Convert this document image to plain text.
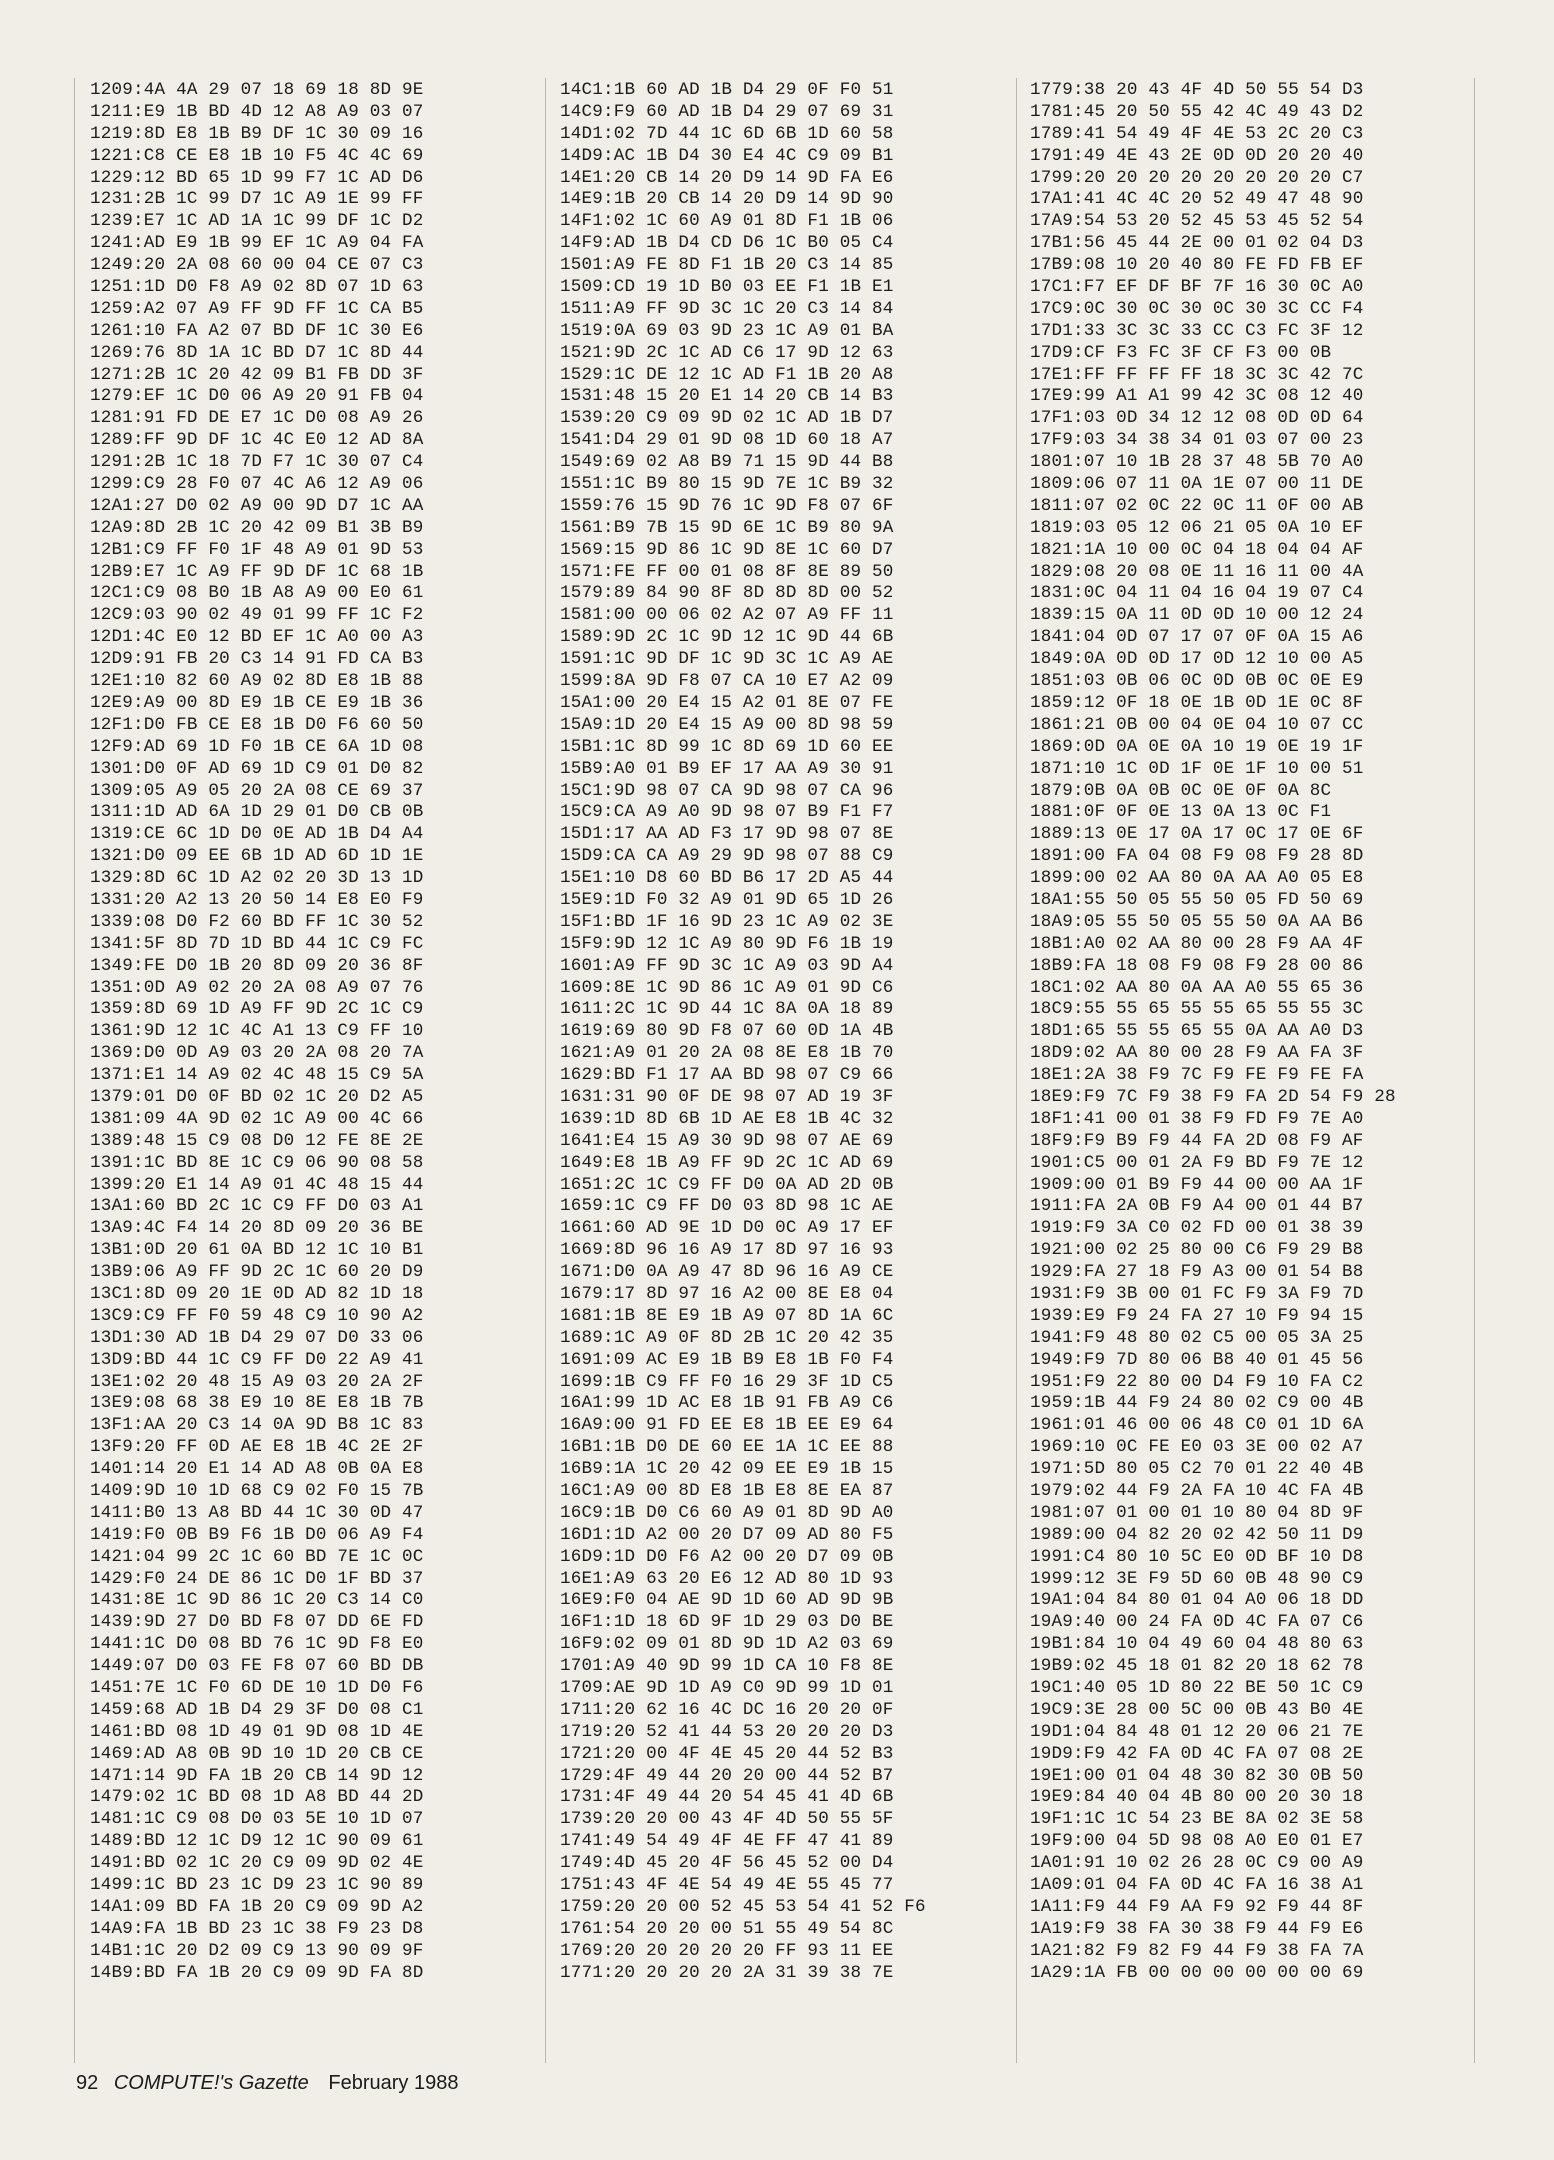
1209:4A 4A 29 07 18 69 18 8D 9E
1211:E9 1B BD 4D 12 A8 A9 03 07
1219:8D E8 1B B9 DF 1C 30 09 16
1221:C8 CE E8 1B 10 F5 4C 4C 69
1229:12 BD 65 1D 99 F7 1C AD D6
1231:2B 1C 99 D7 1C A9 1E 99 FF
1239:E7 1C AD 1A 1C 99 DF 1C D2
1241:AD E9 1B 99 EF 1C A9 04 FA
1249:20 2A 08 60 00 04 CE 07 C3
1251:1D D0 F8 A9 02 8D 07 1D 63
1259:A2 07 A9 FF 9D FF 1C CA B5
1261:10 FA A2 07 BD DF 1C 30 E6
1269:76 8D 1A 1C BD D7 1C 8D 44
1271:2B 1C 20 42 09 B1 FB DD 3F
1279:EF 1C D0 06 A9 20 91 FB 04
1281:91 FD DE E7 1C D0 08 A9 26
1289:FF 9D DF 1C 4C E0 12 AD 8A
1291:2B 1C 18 7D F7 1C 30 07 C4
1299:C9 28 F0 07 4C A6 12 A9 06
12A1:27 D0 02 A9 00 9D D7 1C AA
12A9:8D 2B 1C 20 42 09 B1 3B B9
12B1:C9 FF F0 1F 48 A9 01 9D 53
12B9:E7 1C A9 FF 9D DF 1C 68 1B
12C1:C9 08 B0 1B A8 A9 00 E0 61
12C9:03 90 02 49 01 99 FF 1C F2
12D1:4C E0 12 BD EF 1C A0 00 A3
12D9:91 FB 20 C3 14 91 FD CA B3
12E1:10 82 60 A9 02 8D E8 1B 88
12E9:A9 00 8D E9 1B CE E9 1B 36
12F1:D0 FB CE E8 1B D0 F6 60 50
12F9:AD 69 1D F0 1B CE 6A 1D 08
1301:D0 0F AD 69 1D C9 01 D0 82
1309:05 A9 05 20 2A 08 CE 69 37
1311:1D AD 6A 1D 29 01 D0 CB 0B
1319:CE 6C 1D D0 0E AD 1B D4 A4
1321:D0 09 EE 6B 1D AD 6D 1D 1E
1329:8D 6C 1D A2 02 20 3D 13 1D
1331:20 A2 13 20 50 14 E8 E0 F9
1339:08 D0 F2 60 BD FF 1C 30 52
1341:5F 8D 7D 1D BD 44 1C C9 FC
1349:FE D0 1B 20 8D 09 20 36 8F
1351:0D A9 02 20 2A 08 A9 07 76
1359:8D 69 1D A9 FF 9D 2C 1C C9
1361:9D 12 1C 4C A1 13 C9 FF 10
1369:D0 0D A9 03 20 2A 08 20 7A
1371:E1 14 A9 02 4C 48 15 C9 5A
1379:01 D0 0F BD 02 1C 20 D2 A5
1381:09 4A 9D 02 1C A9 00 4C 66
1389:48 15 C9 08 D0 12 FE 8E 2E
1391:1C BD 8E 1C C9 06 90 08 58
1399:20 E1 14 A9 01 4C 48 15 44
13A1:60 BD 2C 1C C9 FF D0 03 A1
13A9:4C F4 14 20 8D 09 20 36 BE
13B1:0D 20 61 0A BD 12 1C 10 B1
13B9:06 A9 FF 9D 2C 1C 60 20 D9
13C1:8D 09 20 1E 0D AD 82 1D 18
13C9:C9 FF F0 59 48 C9 10 90 A2
13D1:30 AD 1B D4 29 07 D0 33 06
13D9:BD 44 1C C9 FF D0 22 A9 41
13E1:02 20 48 15 A9 03 20 2A 2F
13E9:08 68 38 E9 10 8E E8 1B 7B
13F1:AA 20 C3 14 0A 9D B8 1C 83
13F9:20 FF 0D AE E8 1B 4C 2E 2F
1401:14 20 E1 14 AD A8 0B 0A E8
1409:9D 10 1D 68 C9 02 F0 15 7B
1411:B0 13 A8 BD 44 1C 30 0D 47
1419:F0 0B B9 F6 1B D0 06 A9 F4
1421:04 99 2C 1C 60 BD 7E 1C 0C
1429:F0 24 DE 86 1C D0 1F BD 37
1431:8E 1C 9D 86 1C 20 C3 14 C0
1439:9D 27 D0 BD F8 07 DD 6E FD
1441:1C D0 08 BD 76 1C 9D F8 E0
1449:07 D0 03 FE F8 07 60 BD DB
1451:7E 1C F0 6D DE 10 1D D0 F6
1459:68 AD 1B D4 29 3F D0 08 C1
1461:BD 08 1D 49 01 9D 08 1D 4E
1469:AD A8 0B 9D 10 1D 20 CB CE
1471:14 9D FA 1B 20 CB 14 9D 12
1479:02 1C BD 08 1D A8 BD 44 2D
1481:1C C9 08 D0 03 5E 10 1D 07
1489:BD 12 1C D9 12 1C 90 09 61
1491:BD 02 1C 20 C9 09 9D 02 4E
1499:1C BD 23 1C D9 23 1C 90 89
14A1:09 BD FA 1B 20 C9 09 9D A2
14A9:FA 1B BD 23 1C 38 F9 23 D8
14B1:1C 20 D2 09 C9 13 90 09 9F
14B9:BD FA 1B 20 C9 09 9D FA 8D
14C1:1B 60 AD 1B D4 29 0F F0 51
14C9:F9 60 AD 1B D4 29 07 69 31
14D1:02 7D 44 1C 6D 6B 1D 60 58
14D9:AC 1B D4 30 E4 4C C9 09 B1
14E1:20 CB 14 20 D9 14 9D FA E6
14E9:1B 20 CB 14 20 D9 14 9D 90
14F1:02 1C 60 A9 01 8D F1 1B 06
14F9:AD 1B D4 CD D6 1C B0 05 C4
1501:A9 FE 8D F1 1B 20 C3 14 85
1509:CD 19 1D B0 03 EE F1 1B E1
1511:A9 FF 9D 3C 1C 20 C3 14 84
1519:0A 69 03 9D 23 1C A9 01 BA
1521:9D 2C 1C AD C6 17 9D 12 63
1529:1C DE 12 1C AD F1 1B 20 A8
1531:48 15 20 E1 14 20 CB 14 B3
1539:20 C9 09 9D 02 1C AD 1B D7
1541:D4 29 01 9D 08 1D 60 18 A7
1549:69 02 A8 B9 71 15 9D 44 B8
1551:1C B9 80 15 9D 7E 1C B9 32
1559:76 15 9D 76 1C 9D F8 07 6F
1561:B9 7B 15 9D 6E 1C B9 80 9A
1569:15 9D 86 1C 9D 8E 1C 60 D7
1571:FE FF 00 01 08 8F 8E 89 50
1579:89 84 90 8F 8D 8D 8D 00 52
1581:00 00 06 02 A2 07 A9 FF 11
1589:9D 2C 1C 9D 12 1C 9D 44 6B
1591:1C 9D DF 1C 9D 3C 1C A9 AE
1599:8A 9D F8 07 CA 10 E7 A2 09
15A1:00 20 E4 15 A2 01 8E 07 FE
15A9:1D 20 E4 15 A9 00 8D 98 59
15B1:1C 8D 99 1C 8D 69 1D 60 EE
15B9:A0 01 B9 EF 17 AA A9 30 91
15C1:9D 98 07 CA 9D 98 07 CA 96
15C9:CA A9 A0 9D 98 07 B9 F1 F7
15D1:17 AA AD F3 17 9D 98 07 8E
15D9:CA CA A9 29 9D 98 07 88 C9
15E1:10 D8 60 BD B6 17 2D A5 44
15E9:1D F0 32 A9 01 9D 65 1D 26
15F1:BD 1F 16 9D 23 1C A9 02 3E
15F9:9D 12 1C A9 80 9D F6 1B 19
1601:A9 FF 9D 3C 1C A9 03 9D A4
1609:8E 1C 9D 86 1C A9 01 9D C6
1611:2C 1C 9D 44 1C 8A 0A 18 89
1619:69 80 9D F8 07 60 0D 1A 4B
1621:A9 01 20 2A 08 8E E8 1B 70
1629:BD F1 17 AA BD 98 07 C9 66
1631:31 90 0F DE 98 07 AD 19 3F
1639:1D 8D 6B 1D AE E8 1B 4C 32
1641:E4 15 A9 30 9D 98 07 AE 69
1649:E8 1B A9 FF 9D 2C 1C AD 69
1651:2C 1C C9 FF D0 0A AD 2D 0B
1659:1C C9 FF D0 03 8D 98 1C AE
1661:60 AD 9E 1D D0 0C A9 17 EF
1669:8D 96 16 A9 17 8D 97 16 93
1671:D0 0A A9 47 8D 96 16 A9 CE
1679:17 8D 97 16 A2 00 8E E8 04
1681:1B 8E E9 1B A9 07 8D 1A 6C
1689:1C A9 0F 8D 2B 1C 20 42 35
1691:09 AC E9 1B B9 E8 1B F0 F4
1699:1B C9 FF F0 16 29 3F 1D C5
16A1:99 1D AC E8 1B 91 FB A9 C6
16A9:00 91 FD EE E8 1B EE E9 64
16B1:1B D0 DE 60 EE 1A 1C EE 88
16B9:1A 1C 20 42 09 EE E9 1B 15
16C1:A9 00 8D E8 1B E8 8E EA 87
16C9:1B D0 C6 60 A9 01 8D 9D A0
16D1:1D A2 00 20 D7 09 AD 80 F5
16D9:1D D0 F6 A2 00 20 D7 09 0B
16E1:A9 63 20 E6 12 AD 80 1D 93
16E9:F0 04 AE 9D 1D 60 AD 9D 9B
16F1:1D 18 6D 9F 1D 29 03 D0 BE
16F9:02 09 01 8D 9D 1D A2 03 69
1701:A9 40 9D 99 1D CA 10 F8 8E
1709:AE 9D 1D A9 C0 9D 99 1D 01
1711:20 62 16 4C DC 16 20 20 0F
1719:20 52 41 44 53 20 20 20 D3
1721:20 00 4F 4E 45 20 44 52 B3
1729:4F 49 44 20 20 00 44 52 B7
1731:4F 49 44 20 54 45 41 4D 6B
1739:20 20 00 43 4F 4D 50 55 5F
1741:49 54 49 4F 4E FF 47 41 89
1749:4D 45 20 4F 56 45 52 00 D4
1751:43 4F 4E 54 49 4E 55 45 77
1759:20 20 00 52 45 53 54 41 52 F6
1761:54 20 20 00 51 55 49 54 8C
1769:20 20 20 20 20 FF 93 11 EE
1771:20 20 20 20 2A 31 39 38 7E
1779:38 20 43 4F 4D 50 55 54 D3
1781:45 20 50 55 42 4C 49 43 D2
1789:41 54 49 4F 4E 53 2C 20 C3
1791:49 4E 43 2E 0D 0D 20 20 40
1799:20 20 20 20 20 20 20 20 C7
17A1:41 4C 4C 20 52 49 47 48 90
17A9:54 53 20 52 45 53 45 52 54
17B1:56 45 44 2E 00 01 02 04 D3
17B9:08 10 20 40 80 FE FD FB EF
17C1:F7 EF DF BF 7F 16 30 0C A0
17C9:0C 30 0C 30 0C 30 3C CC F4
17D1:33 3C 3C 33 CC C3 FC 3F 12
17D9:CF F3 FC 3F CF F3 00 0B
17E1:FF FF FF FF 18 3C 3C 42 7C
17E9:99 A1 A1 99 42 3C 08 12 40
17F1:03 0D 34 12 12 08 0D 0D 64
17F9:03 34 38 34 01 03 07 00 23
1801:07 10 1B 28 37 48 5B 70 A0
1809:06 07 11 0A 1E 07 00 11 DE
1811:07 02 0C 22 0C 11 0F 00 AB
1819:03 05 12 06 21 05 0A 10 EF
1821:1A 10 00 0C 04 18 04 04 AF
1829:08 20 08 0E 11 16 11 00 4A
1831:0C 04 11 04 16 04 19 07 C4
1839:15 0A 11 0D 0D 10 00 12 24
1841:04 0D 07 17 07 0F 0A 15 A6
1849:0A 0D 0D 17 0D 12 10 00 A5
1851:03 0B 06 0C 0D 0B 0C 0E E9
1859:12 0F 18 0E 1B 0D 1E 0C 8F
1861:21 0B 00 04 0E 04 10 07 CC
1869:0D 0A 0E 0A 10 19 0E 19 1F
1871:10 1C 0D 1F 0E 1F 10 00 51
1879:0B 0A 0B 0C 0E 0F 0A 8C
1881:0F 0F 0E 13 0A 13 0C F1
1889:13 0E 17 0A 17 0C 17 0E 6F
1891:00 FA 04 08 F9 08 F9 28 8D
1899:00 02 AA 80 0A AA A0 05 E8
18A1:55 50 05 55 50 05 FD 50 69
18A9:05 55 50 05 55 50 0A AA B6
18B1:A0 02 AA 80 00 28 F9 AA 4F
18B9:FA 18 08 F9 08 F9 28 00 86
18C1:02 AA 80 0A AA A0 55 65 36
18C9:55 55 65 55 55 65 55 55 3C
18D1:65 55 55 65 55 0A AA A0 D3
18D9:02 AA 80 00 28 F9 AA FA 3F
18E1:2A 38 F9 7C F9 FE F9 FE FA
18E9:F9 7C F9 38 F9 FA 2D 54 F9 28
18F1:41 00 01 38 F9 FD F9 7E A0
18F9:F9 B9 F9 44 FA 2D 08 F9 AF
1901:C5 00 01 2A F9 BD F9 7E 12
1909:00 01 B9 F9 44 00 00 AA 1F
1911:FA 2A 0B F9 A4 00 01 44 B7
1919:F9 3A C0 02 FD 00 01 38 39
1921:00 02 25 80 00 C6 F9 29 B8
1929:FA 27 18 F9 A3 00 01 54 B8
1931:F9 3B 00 01 FC F9 3A F9 7D
1939:E9 F9 24 FA 27 10 F9 94 15
1941:F9 48 80 02 C5 00 05 3A 25
1949:F9 7D 80 06 B8 40 01 45 56
1951:F9 22 80 00 D4 F9 10 FA C2
1959:1B 44 F9 24 80 02 C9 00 4B
1961:01 46 00 06 48 C0 01 1D 6A
1969:10 0C FE E0 03 3E 00 02 A7
1971:5D 80 05 C2 70 01 22 40 4B
1979:02 44 F9 2A FA 10 4C FA 4B
1981:07 01 00 01 10 80 04 8D 9F
1989:00 04 82 20 02 42 50 11 D9
1991:C4 80 10 5C E0 0D BF 10 D8
1999:12 3E F9 5D 60 0B 48 90 C9
19A1:04 84 80 01 04 A0 06 18 DD
19A9:40 00 24 FA 0D 4C FA 07 C6
19B1:84 10 04 49 60 04 48 80 63
19B9:02 45 18 01 82 20 18 62 78
19C1:40 05 1D 80 22 BE 50 1C C9
19C9:3E 28 00 5C 00 0B 43 B0 4E
19D1:04 84 48 01 12 20 06 21 7E
19D9:F9 42 FA 0D 4C FA 07 08 2E
19E1:00 01 04 48 30 82 30 0B 50
19E9:84 40 04 4B 80 00 20 30 18
19F1:1C 1C 54 23 BE 8A 02 3E 58
19F9:00 04 5D 98 08 A0 E0 01 E7
1A01:91 10 02 26 28 0C C9 00 A9
1A09:01 04 FA 0D 4C FA 16 38 A1
1A11:F9 44 F9 AA F9 92 F9 44 8F
1A19:F9 38 FA 30 38 F9 44 F9 E6
1A21:82 F9 82 F9 44 F9 38 FA 7A
1A29:1A FB 00 00 00 00 00 00 69
92 COMPUTE!'s Gazette February 1988
